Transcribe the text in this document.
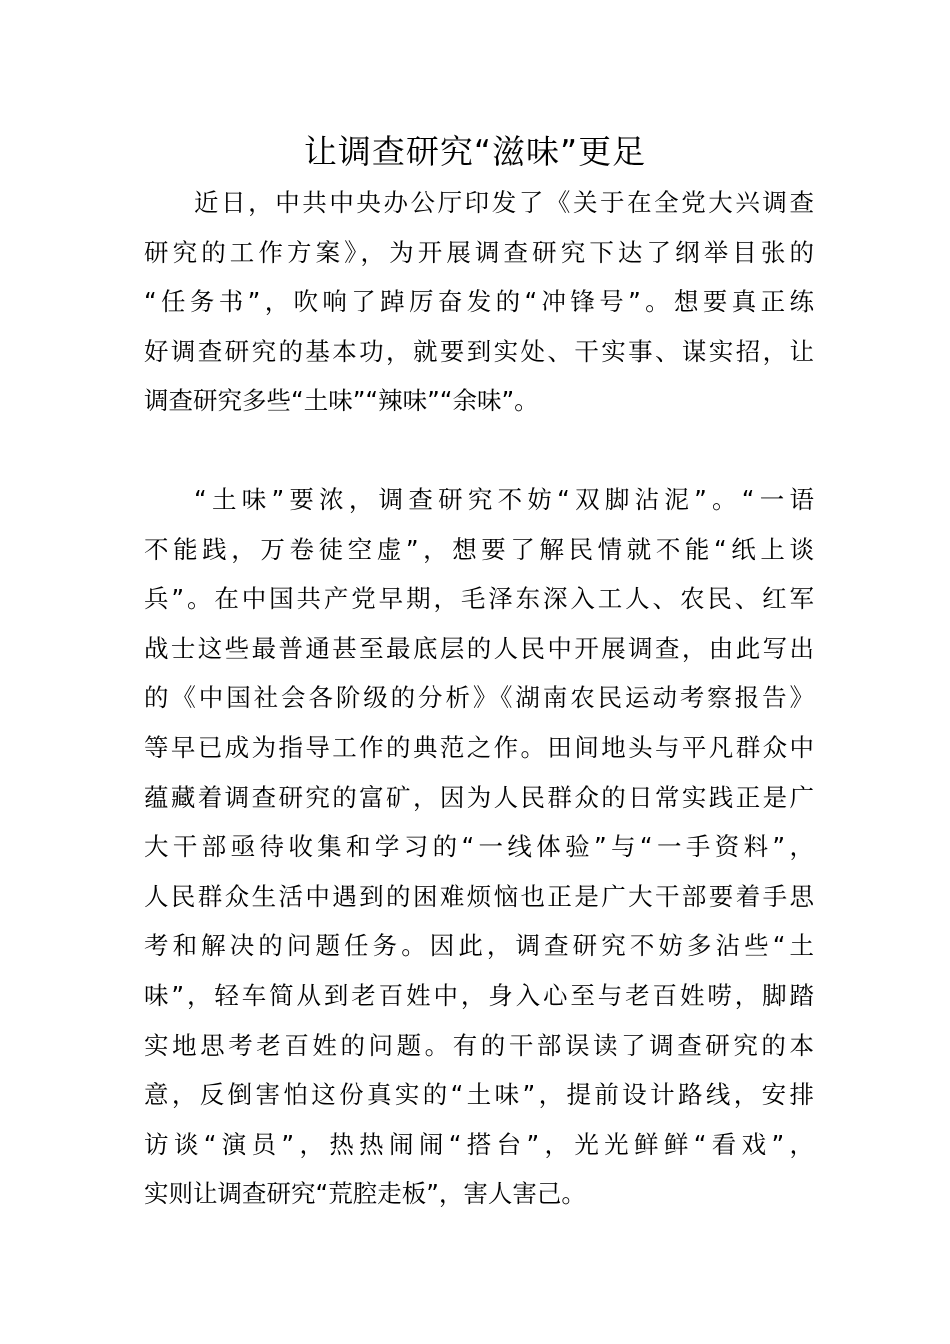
让调查研究“滋味”更足
近日，中共中央办公厅印发了《关于在全党大兴调查
研究的工作方案》，为开展调查研究下达了纲举目张的
“任务书”，吹响了踔厉奋发的“冲锋号”。想要真正练
好调查研究的基本功，就要到实处、干实事、谋实招，让
调查研究多些“土味”“辣味”“余味”。
“土味”要浓，调查研究不妨“双脚沾泥”。“一语
不能践，万卷徒空虚”，想要了解民情就不能“纸上谈
兵”。在中国共产党早期，毛泽东深入工人、农民、红军
战士这些最普通甚至最底层的人民中开展调查，由此写出
的《中国社会各阶级的分析》《湖南农民运动考察报告》
等早已成为指导工作的典范之作。田间地头与平凡群众中
蕴藏着调查研究的富矿，因为人民群众的日常实践正是广
大干部亟待收集和学习的“一线体验”与“一手资料”，
人民群众生活中遇到的困难烦恼也正是广大干部要着手思
考和解决的问题任务。因此，调查研究不妨多沾些“土
味”，轻车简从到老百姓中，身入心至与老百姓唠，脚踏
实地思考老百姓的问题。有的干部误读了调查研究的本
意，反倒害怕这份真实的“土味”，提前设计路线，安排
访谈“演员”，热热闹闹“搭台”，光光鲜鲜“看戏”，
实则让调查研究“荒腔走板”，害人害己。
